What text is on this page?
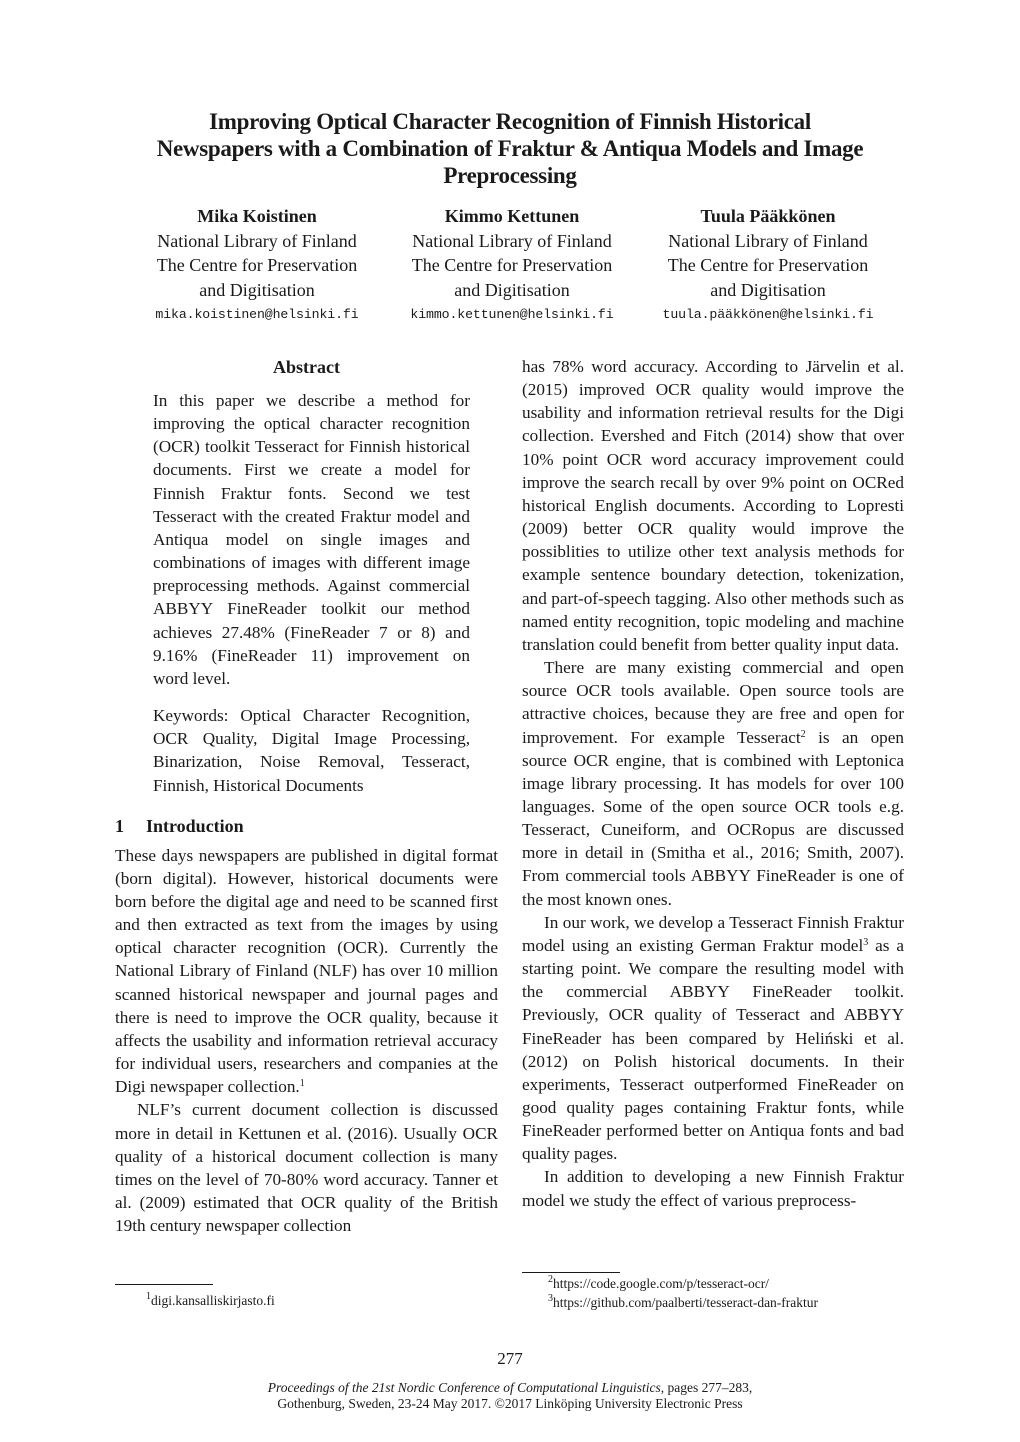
Improving Optical Character Recognition of Finnish Historical
Newspapers with a Combination of Fraktur & Antiqua Models and Image
Preprocessing
Mika Koistinen
National Library of Finland
The Centre for Preservation
and Digitisation
mika.koistinen@helsinki.fi
Kimmo Kettunen
National Library of Finland
The Centre for Preservation
and Digitisation
kimmo.kettunen@helsinki.fi
Tuula Pääkkönen
National Library of Finland
The Centre for Preservation
and Digitisation
tuula.pääkkönen@helsinki.fi
Abstract

In this paper we describe a method for improving the optical character recognition (OCR) toolkit Tesseract for Finnish historical documents. First we create a model for Finnish Fraktur fonts. Second we test Tesseract with the created Fraktur model and Antiqua model on single images and combinations of images with different image preprocessing methods. Against commercial ABBYY FineReader toolkit our method achieves 27.48% (FineReader 7 or 8) and 9.16% (FineReader 11) improvement on word level.

Keywords: Optical Character Recognition, OCR Quality, Digital Image Processing, Binarization, Noise Removal, Tesseract, Finnish, Historical Documents

1 Introduction

These days newspapers are published in digital format (born digital). However, historical documents were born before the digital age and need to be scanned first and then extracted as text from the images by using optical character recognition (OCR). Currently the National Library of Finland (NLF) has over 10 million scanned historical newspaper and journal pages and there is need to improve the OCR quality, because it affects the usability and information retrieval accuracy for individual users, researchers and companies at the Digi newspaper collection.$^1$

NLF’s current document collection is discussed more in detail in Kettunen et al. (2016). Usually OCR quality of a historical document collection is many times on the level of 70-80% word accuracy. Tanner et al. (2009) estimated that OCR quality of the British 19th century newspaper collection

$^1$digi.kansalliskirjasto.fi

has 78% word accuracy. According to Järvelin et al. (2015) improved OCR quality would improve the usability and information retrieval results for the Digi collection. Evershed and Fitch (2014) show that over 10% point OCR word accuracy improvement could improve the search recall by over 9% point on OCRed historical English documents. According to Lopresti (2009) better OCR quality would improve the possiblities to utilize other text analysis methods for example sentence boundary detection, tokenization, and part-of-speech tagging. Also other methods such as named entity recognition, topic modeling and machine translation could benefit from better quality input data.

There are many existing commercial and open source OCR tools available. Open source tools are attractive choices, because they are free and open for improvement. For example Tesseract$^2$ is an open source OCR engine, that is combined with Leptonica image library processing. It has models for over 100 languages. Some of the open source OCR tools e.g. Tesseract, Cuneiform, and OCRopus are discussed more in detail in (Smitha et al., 2016; Smith, 2007). From commercial tools ABBYY FineReader is one of the most known ones.

In our work, we develop a Tesseract Finnish Fraktur model using an existing German Fraktur model$^3$ as a starting point. We compare the resulting model with the commercial ABBYY FineReader toolkit. Previously, OCR quality of Tesseract and ABBYY FineReader has been compared by Heliński et al. (2012) on Polish historical documents. In their experiments, Tesseract outperformed FineReader on good quality pages containing Fraktur fonts, while FineReader performed better on Antiqua fonts and bad quality pages.

In addition to developing a new Finnish Fraktur model we study the effect of various preprocess-

$^2$https://code.google.com/p/tesseract-ocr/
$^3$https://github.com/paalberti/tesseract-dan-fraktur
277
Proceedings of the 21st Nordic Conference of Computational Linguistics, pages 277–283,
Gothenburg, Sweden, 23-24 May 2017. ©2017 Linköping University Electronic Press
